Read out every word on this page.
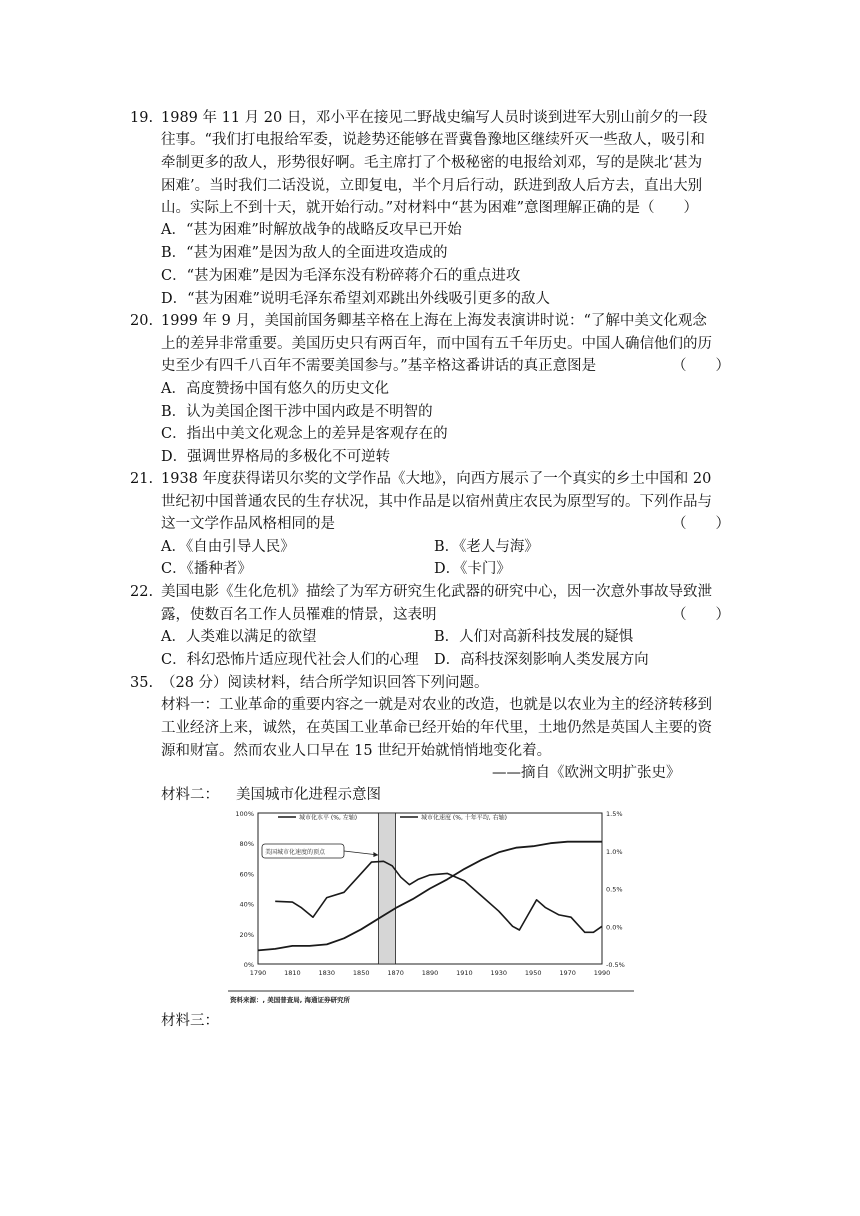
19. 1989 年 11 月 20 日，邓小平在接见二野战史编写人员时谈到进军大别山前夕的一段
往事。“我们打电报给军委，说趁势还能够在晋冀鲁豫地区继续歼灭一些敌人，吸引和
牵制更多的敌人，形势很好啊。毛主席打了个极秘密的电报给刘邓，写的是陕北‘甚为
困难’。当时我们二话没说，立即复电，半个月后行动，跃进到敌人后方去，直出大别
山。实际上不到十天，就开始行动。”对材料中“甚为困难”意图理解正确的是（　　）
A．“甚为困难”时解放战争的战略反攻早已开始
B．“甚为困难”是因为敌人的全面进攻造成的
C．“甚为困难”是因为毛泽东没有粉碎蒋介石的重点进攻
D．“甚为困难”说明毛泽东希望刘邓跳出外线吸引更多的敌人
20. 1999 年 9 月，美国前国务卿基辛格在上海在上海发表演讲时说：“了解中美文化观念
上的差异非常重要。美国历史只有两百年，而中国有五千年历史。中国人确信他们的历
史至少有四千八百年不需要美国参与。”基辛格这番讲话的真正意图是	（　　）
A．高度赞扬中国有悠久的历史文化
B．认为美国企图干涉中国内政是不明智的
C．指出中美文化观念上的差异是客观存在的
D．强调世界格局的多极化不可逆转
21. 1938 年度获得诺贝尔奖的文学作品《大地》，向西方展示了一个真实的乡土中国和 20
世纪初中国普通农民的生存状况，其中作品是以宿州黄庄农民为原型写的。下列作品与
这一文学作品风格相同的是	（　　）
A．《自由引导人民》	B．《老人与海》
C．《播种者》	D．《卡门》
22. 美国电影《生化危机》描绘了为军方研究生化武器的研究中心，因一次意外事故导致泄
露，使数百名工作人员罹难的情景，这表明	（　　）
A．人类难以满足的欲望	B．人们对高新科技发展的疑惧
C．科幻恐怖片适应现代社会人们的心理 D．高科技深刻影响人类发展方向
35. （28 分）阅读材料，结合所学知识回答下列问题。
材料一：工业革命的重要内容之一就是对农业的改造，也就是以农业为主的经济转移到
工业经济上来，诚然，在英国工业革命已经开始的年代里，土地仍然是英国人主要的资
源和财富。然而农业人口早在 15 世纪开始就悄悄地变化着。
——摘自《欧洲文明扩张史》
材料二： 美国城市化进程示意图
100%
80%
60%
40%
20%
0%
1.5%
1.0%
0.5%
0.0%
-0.5%
1790	1810	1830	1850	1870	1890	1910	1930	1950	1970	1990
城市化水平 (%, 左轴)	城市化速度 (%, 十年平均, 右轴)
美国城市化速度的顶点
资料来源：, 美国普查局, 海通证券研究所
材料三：
